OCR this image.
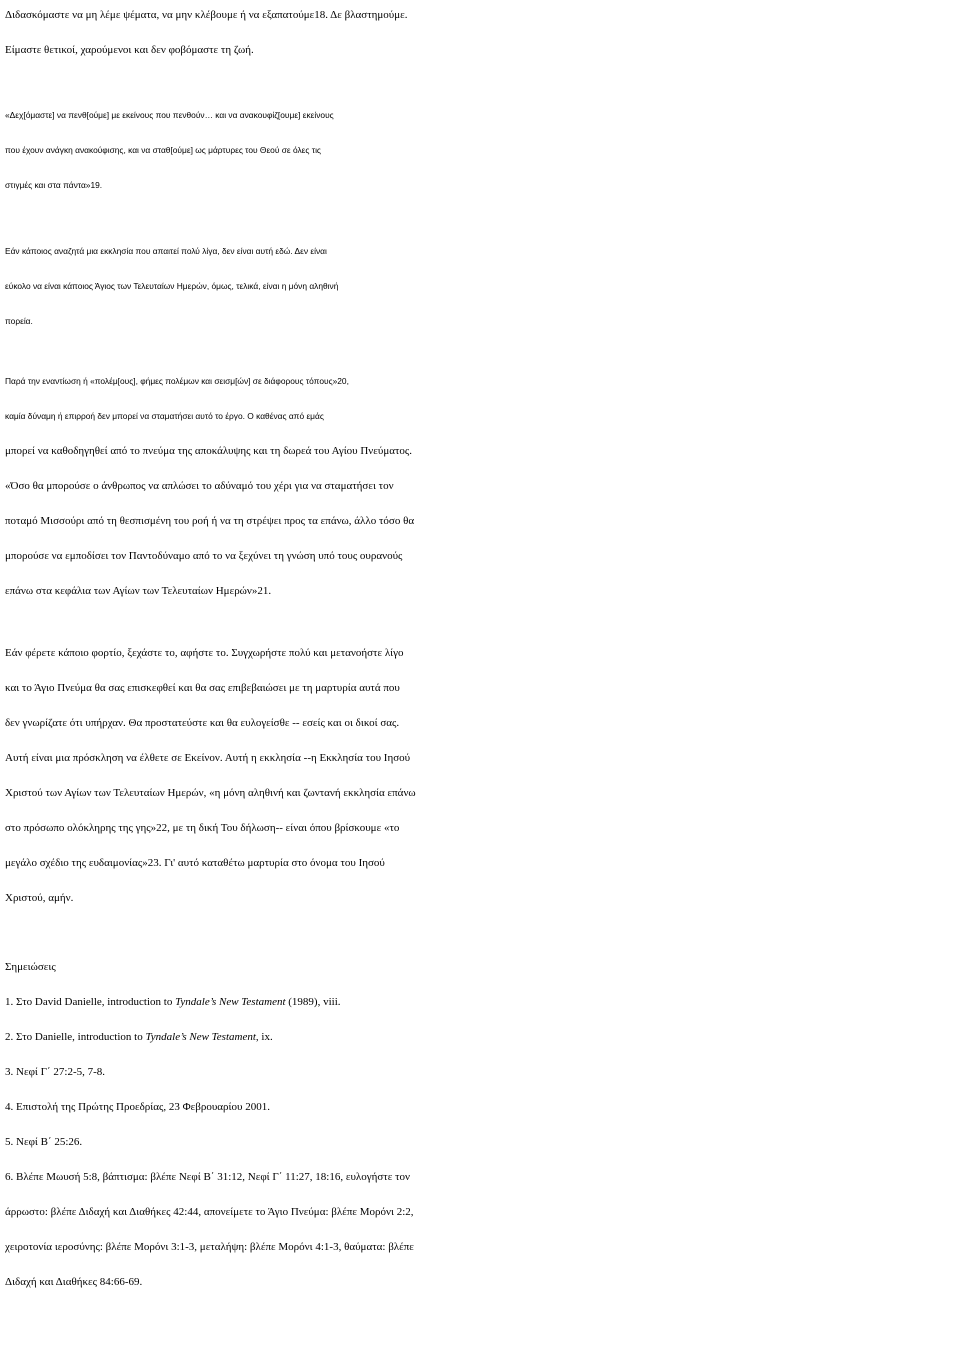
Διδασκόμαστε να μη λέμε ψέματα, να μην κλέβουμε ή να εξαπατούμε18. Δε βλαστημούμε.
Είμαστε θετικοί, χαρούμενοι και δεν φοβόμαστε τη ζωή.
«Δεχ[όμαστε] να πενθ[ούμε] με εκείνους που πενθούν… και να ανακουφίζ[ουμε] εκείνους
που έχουν ανάγκη ανακούφισης, και να σταθ[ούμε] ως μάρτυρες του Θεού σε όλες τις
στιγμές και στα πάντα»19.
Εάν κάποιος αναζητά μια εκκλησία που απαιτεί πολύ λίγα, δεν είναι αυτή εδώ. Δεν είναι
εύκολο να είναι κάποιος Άγιος των Τελευταίων Ημερών, όμως, τελικά, είναι η μόνη αληθινή
πορεία.
Παρά την εναντίωση ή «πολέμ[ους], φήμες πολέμων και σεισμ[ών] σε διάφορους τόπους»20,
καμία δύναμη ή επιρροή δεν μπορεί να σταματήσει αυτό το έργο. Ο καθένας από εμάς
μπορεί να καθοδηγηθεί από το πνεύμα της αποκάλυψης και τη δωρεά του Αγίου Πνεύματος.
«Όσο θα μπορούσε ο άνθρωπος να απλώσει το αδύναμό του χέρι για να σταματήσει τον
ποταμό Μισσούρι από τη θεσπισμένη του ροή ή να τη στρέψει προς τα επάνω, άλλο τόσο θα
μπορούσε να εμποδίσει τον Παντοδύναμο από το να ξεχύνει τη γνώση υπό τους ουρανούς
επάνω στα κεφάλια των Αγίων των Τελευταίων Ημερών»21.
Εάν φέρετε κάποιο φορτίο, ξεχάστε το, αφήστε το. Συγχωρήστε πολύ και μετανοήστε λίγο
και το Άγιο Πνεύμα θα σας επισκεφθεί και θα σας επιβεβαιώσει με τη μαρτυρία αυτά που
δεν γνωρίζατε ότι υπήρχαν. Θα προστατεύστε και θα ευλογείσθε -- εσείς και οι δικοί σας.
Αυτή είναι μια πρόσκληση να έλθετε σε Εκείνον. Αυτή η εκκλησία --η Εκκλησία του Ιησού
Χριστού των Αγίων των Τελευταίων Ημερών, «η μόνη αληθινή και ζωντανή εκκλησία επάνω
στο πρόσωπο ολόκληρης της γης»22, με τη δική Του δήλωση-- είναι όπου βρίσκουμε «το
μεγάλο σχέδιο της ευδαιμονίας»23. Γι' αυτό καταθέτω μαρτυρία στο όνομα του Ιησού
Χριστού, αμήν.
Σημειώσεις
1. Στο David Danielle, introduction to Tyndale’s New Testament (1989), viii.
2. Στο Danielle, introduction to Tyndale’s New Testament, ix.
3. Νεφί Γ΄ 27:2-5, 7-8.
4. Επιστολή της Πρώτης Προεδρίας, 23 Φεβρουαρίου 2001.
5. Νεφί Β΄ 25:26.
6. Βλέπε Μωυσή 5:8, βάπτισμα: βλέπε Νεφί Β΄ 31:12, Νεφί Γ΄ 11:27, 18:16, ευλογήστε τον
άρρωστο: βλέπε Διδαχή και Διαθήκες 42:44, απονείμετε το Άγιο Πνεύμα: βλέπε Μορόνι 2:2,
χειροτονία ιεροσύνης: βλέπε Μορόνι 3:1-3, μεταλήψη: βλέπε Μορόνι 4:1-3, θαύματα: βλέπε
Διδαχή και Διαθήκες 84:66-69.
